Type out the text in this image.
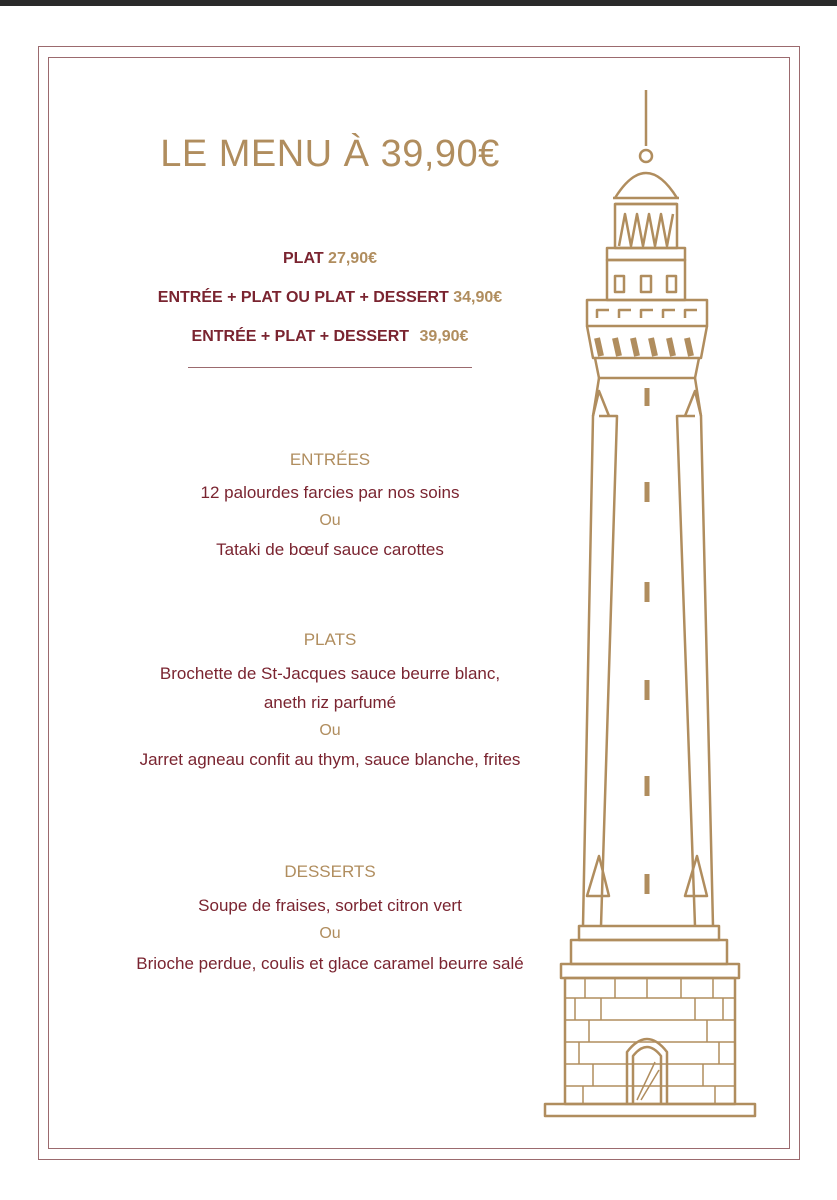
LE MENU À 39,90€
PLAT 27,90€
ENTRÉE + PLAT OU PLAT + DESSERT 34,90€
ENTRÉE + PLAT + DESSERT 39,90€
ENTRÉES
12 palourdes farcies par nos soins
Ou
Tataki de bœuf sauce carottes
PLATS
Brochette de St-Jacques sauce beurre blanc,
aneth riz parfumé
Ou
Jarret agneau confit au thym, sauce blanche, frites
DESSERTS
Soupe de fraises, sorbet citron vert
Ou
Brioche perdue, coulis et glace caramel beurre salé
